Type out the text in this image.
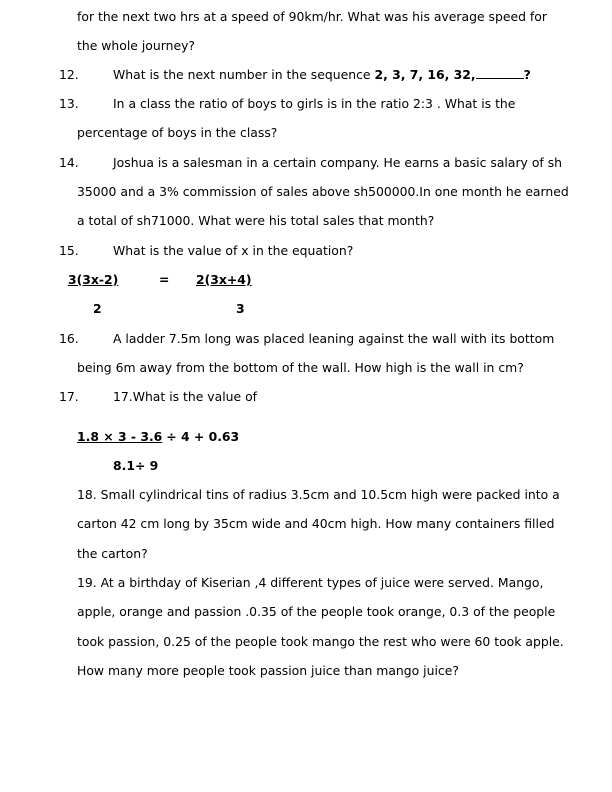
for the next two hrs at a speed of 90km/hr. What was his average speed for
the whole journey?
12.	What is the next number in the sequence 2, 3, 7, 16, 32,	?
13.	In a class the ratio of boys to girls is in the ratio 2:3 . What is the
percentage of boys in the class?
14.	Joshua is a salesman in a certain company. He earns a basic salary of sh
35000 and a 3% commission of sales above sh500000.In one month he earned
a total of sh71000. What were his total sales that month?
15.	What is the value of x in the equation?
3(3x-2)	= 2(3x+4)
2	3
16.	A ladder 7.5m long was placed leaning against the wall with its bottom
being 6m away from the bottom of the wall. How high is the wall in cm?
17.	17.What is the value of
1.8 × 3 - 3.6 ÷ 4 + 0.63
8.1÷ 9
18. Small cylindrical tins of radius 3.5cm and 10.5cm high were packed into a
carton 42 cm long by 35cm wide and 40cm high. How many containers filled
the carton?
19. At a birthday of Kiserian ,4 different types of juice were served. Mango,
apple, orange and passion .0.35 of the people took orange, 0.3 of the people
took passion, 0.25 of the people took mango the rest who were 60 took apple.
How many more people took passion juice than mango juice?
